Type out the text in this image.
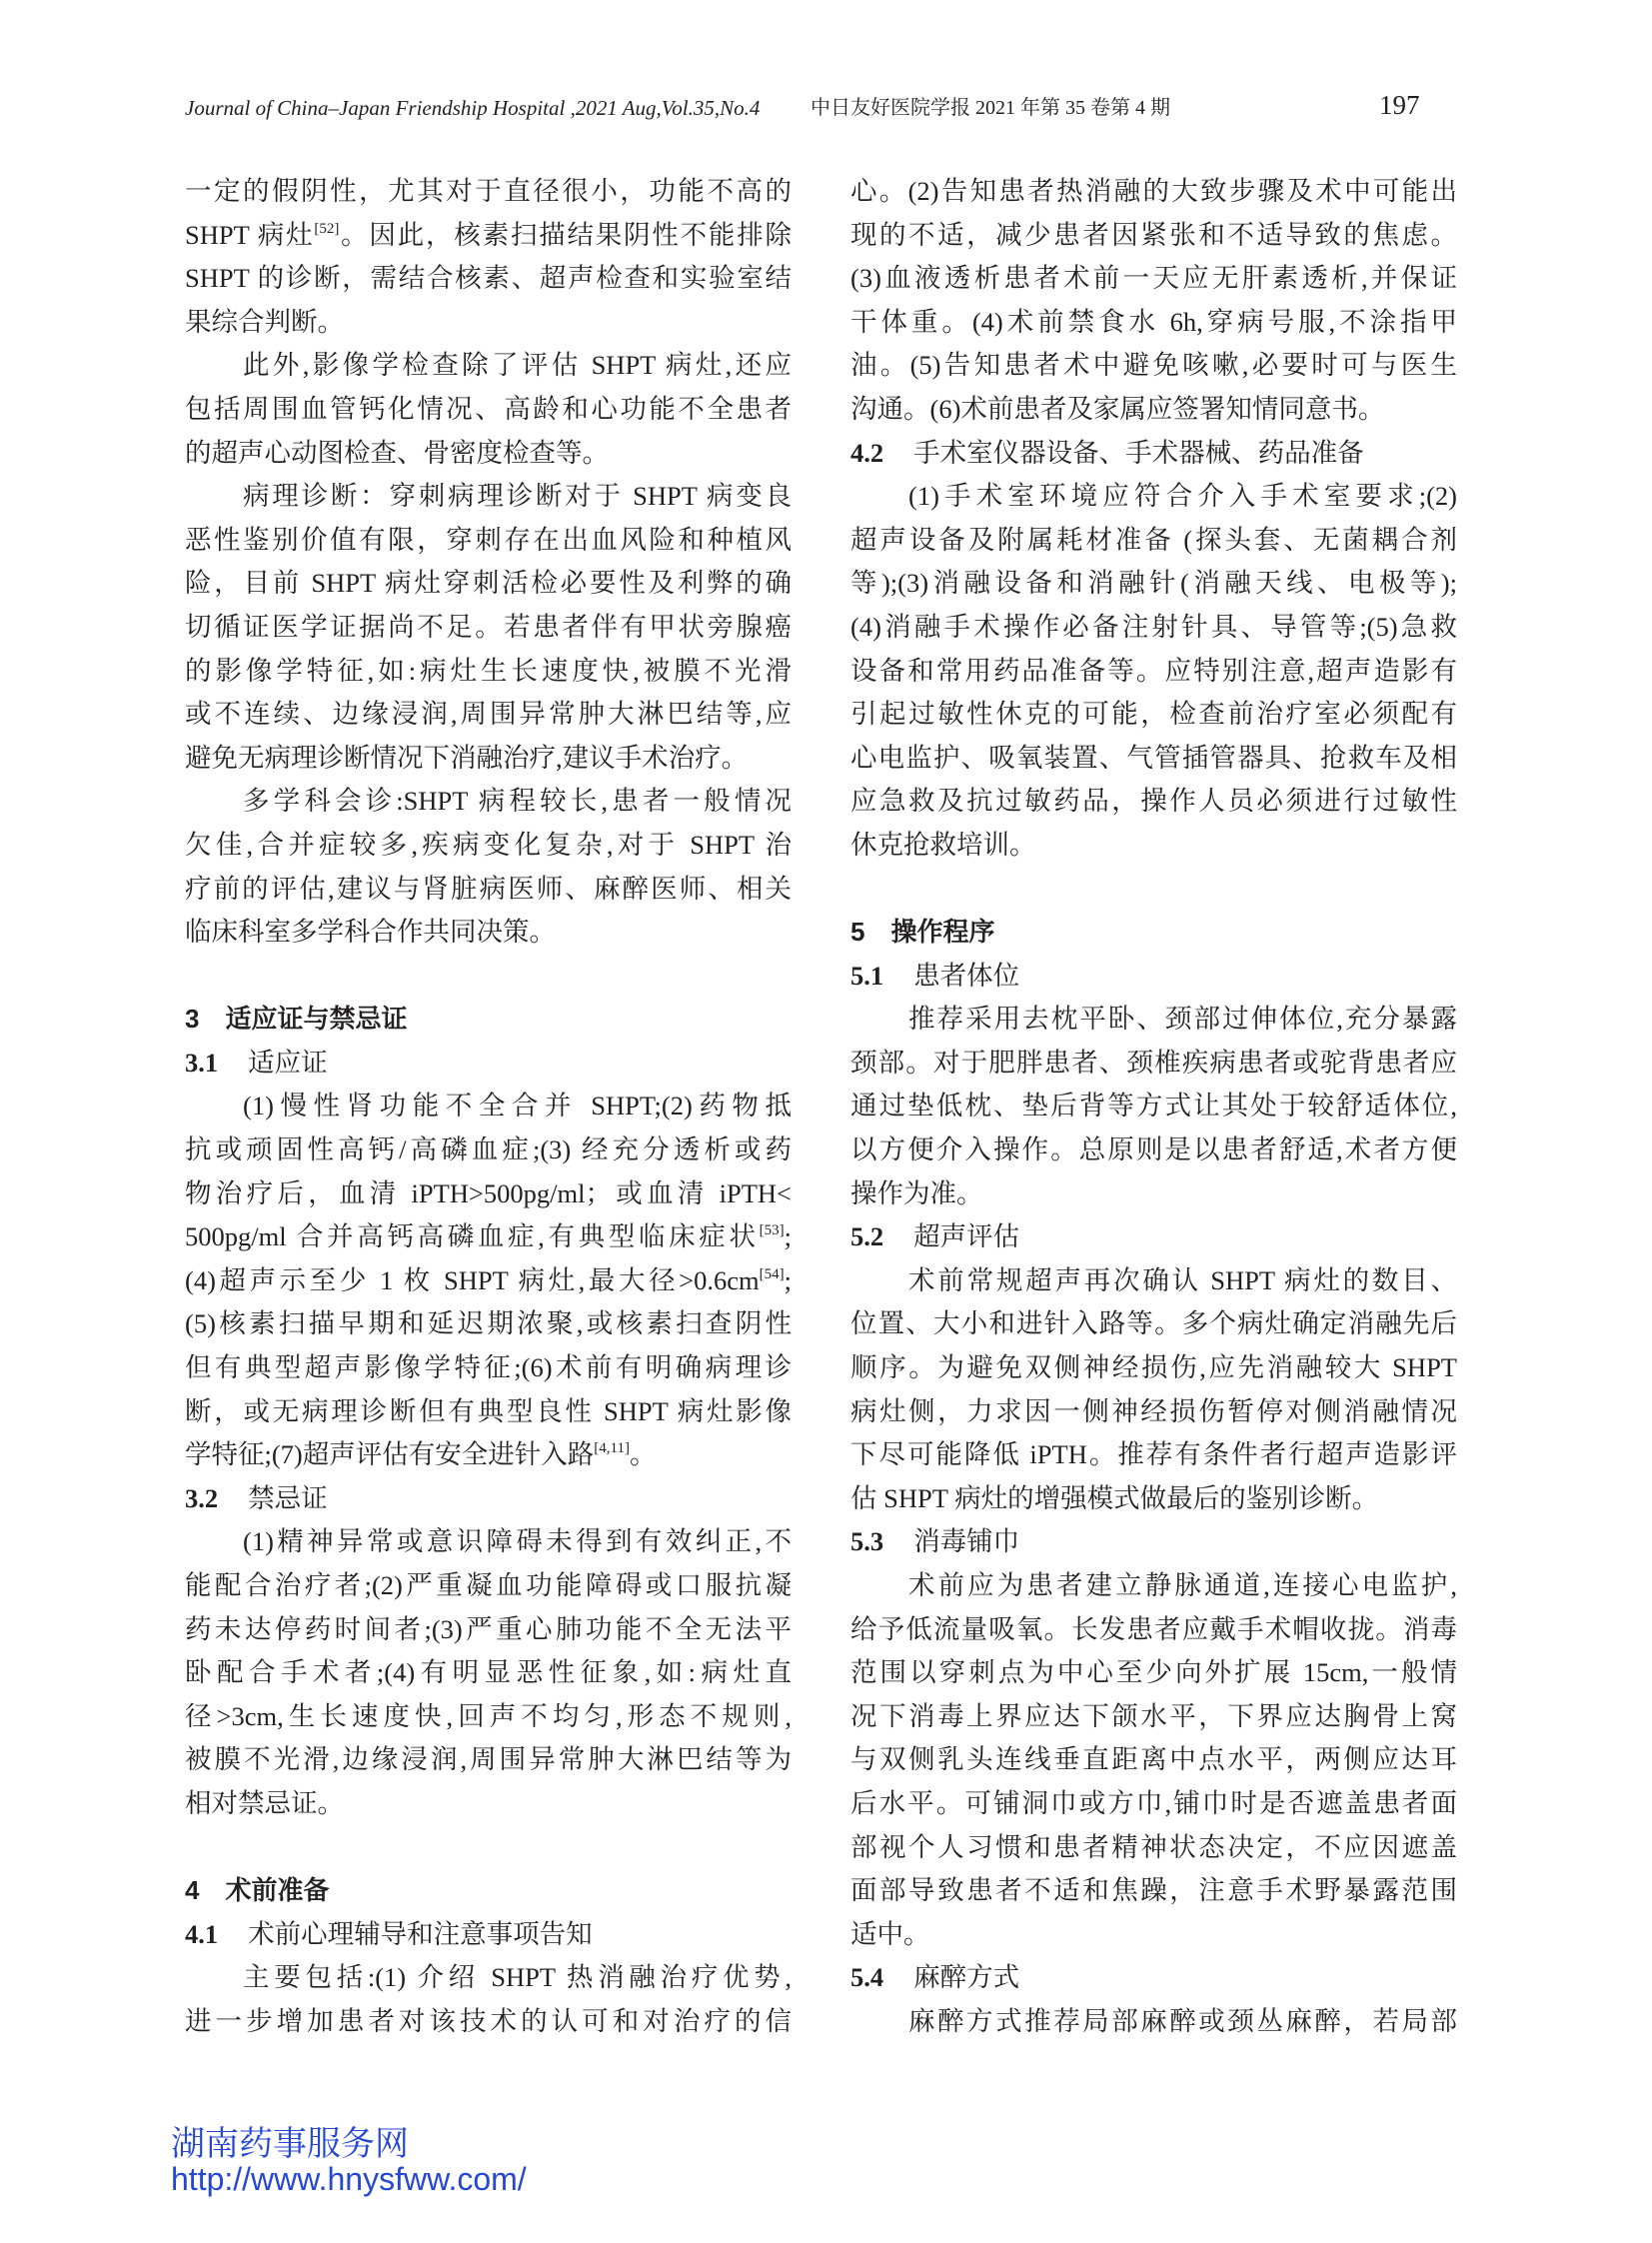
Journal of China–Japan Friendship Hospital ,2021 Aug,Vol.35,No.4	中日友好医院学报 2021 年第 35 卷第 4 期	197
一定的假阴性，尤其对于直径很小，功能不高的
SHPT 病灶[52]。因此，核素扫描结果阴性不能排除
SHPT 的诊断，需结合核素、超声检查和实验室结
果综合判断。
此外,影像学检查除了评估 SHPT 病灶,还应
包括周围血管钙化情况、高龄和心功能不全患者
的超声心动图检查、骨密度检查等。
病理诊断：穿刺病理诊断对于 SHPT 病变良
恶性鉴别价值有限，穿刺存在出血风险和种植风
险，目前 SHPT 病灶穿刺活检必要性及利弊的确
切循证医学证据尚不足。若患者伴有甲状旁腺癌
的影像学特征,如:病灶生长速度快,被膜不光滑
或不连续、边缘浸润,周围异常肿大淋巴结等,应
避免无病理诊断情况下消融治疗,建议手术治疗。
多学科会诊:SHPT 病程较长,患者一般情况
欠佳,合并症较多,疾病变化复杂,对于 SHPT 治
疗前的评估,建议与肾脏病医师、麻醉医师、相关
临床科室多学科合作共同决策。
3 适应证与禁忌证
3.1 适应证
(1)慢性肾功能不全合并 SHPT;(2)药物抵
抗或顽固性高钙/高磷血症;(3) 经充分透析或药
物治疗后，血清 iPTH>500pg/ml；或血清 iPTH<
500pg/ml 合并高钙高磷血症,有典型临床症状[53];
(4)超声示至少 1 枚 SHPT 病灶,最大径>0.6cm[54];
(5)核素扫描早期和延迟期浓聚,或核素扫查阴性
但有典型超声影像学特征;(6)术前有明确病理诊
断，或无病理诊断但有典型良性 SHPT 病灶影像
学特征;(7)超声评估有安全进针入路[4,11]。
3.2 禁忌证
(1)精神异常或意识障碍未得到有效纠正,不
能配合治疗者;(2)严重凝血功能障碍或口服抗凝
药未达停药时间者;(3)严重心肺功能不全无法平
卧配合手术者;(4)有明显恶性征象,如:病灶直
径>3cm,生长速度快,回声不均匀,形态不规则,
被膜不光滑,边缘浸润,周围异常肿大淋巴结等为
相对禁忌证。
4 术前准备
4.1 术前心理辅导和注意事项告知
主要包括:(1) 介绍 SHPT 热消融治疗优势,
进一步增加患者对该技术的认可和对治疗的信
心。(2)告知患者热消融的大致步骤及术中可能出
现的不适，减少患者因紧张和不适导致的焦虑。
(3)血液透析患者术前一天应无肝素透析,并保证
干体重。(4)术前禁食水 6h,穿病号服,不涂指甲
油。(5)告知患者术中避免咳嗽,必要时可与医生
沟通。(6)术前患者及家属应签署知情同意书。
4.2 手术室仪器设备、手术器械、药品准备
(1)手术室环境应符合介入手术室要求;(2)
超声设备及附属耗材准备 (探头套、无菌耦合剂
等);(3)消融设备和消融针(消融天线、电极等);
(4)消融手术操作必备注射针具、导管等;(5)急救
设备和常用药品准备等。应特别注意,超声造影有
引起过敏性休克的可能，检查前治疗室必须配有
心电监护、吸氧装置、气管插管器具、抢救车及相
应急救及抗过敏药品，操作人员必须进行过敏性
休克抢救培训。
5 操作程序
5.1 患者体位
推荐采用去枕平卧、颈部过伸体位,充分暴露
颈部。对于肥胖患者、颈椎疾病患者或驼背患者应
通过垫低枕、垫后背等方式让其处于较舒适体位,
以方便介入操作。总原则是以患者舒适,术者方便
操作为准。
5.2 超声评估
术前常规超声再次确认 SHPT 病灶的数目、
位置、大小和进针入路等。多个病灶确定消融先后
顺序。为避免双侧神经损伤,应先消融较大 SHPT
病灶侧，力求因一侧神经损伤暂停对侧消融情况
下尽可能降低 iPTH。推荐有条件者行超声造影评
估 SHPT 病灶的增强模式做最后的鉴别诊断。
5.3 消毒铺巾
术前应为患者建立静脉通道,连接心电监护,
给予低流量吸氧。长发患者应戴手术帽收拢。消毒
范围以穿刺点为中心至少向外扩展 15cm,一般情
况下消毒上界应达下颌水平，下界应达胸骨上窝
与双侧乳头连线垂直距离中点水平，两侧应达耳
后水平。可铺洞巾或方巾,铺巾时是否遮盖患者面
部视个人习惯和患者精神状态决定，不应因遮盖
面部导致患者不适和焦躁，注意手术野暴露范围
适中。
5.4 麻醉方式
麻醉方式推荐局部麻醉或颈丛麻醉，若局部
湖南药事服务网
http://www.hnysfww.com/
